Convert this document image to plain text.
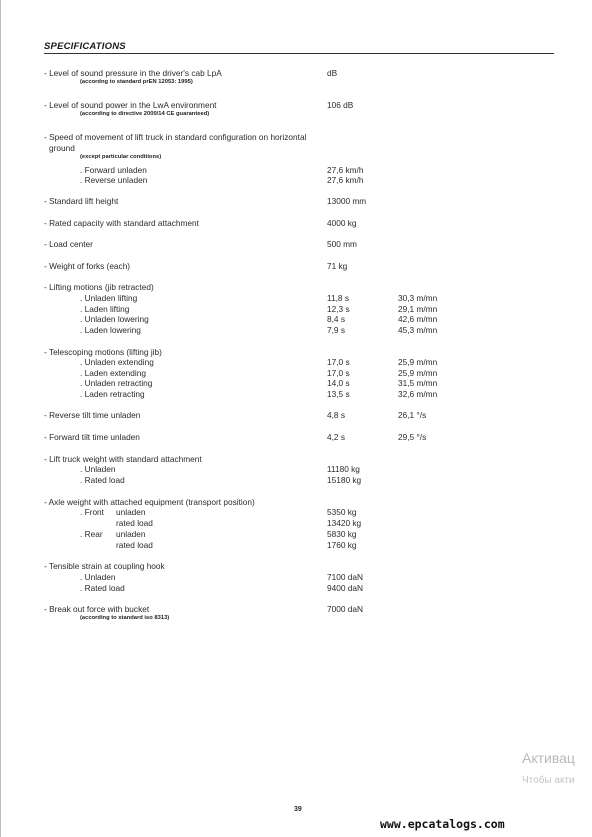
SPECIFICATIONS
- Level of sound pressure in the driver's cab LpA	dB
(accordng to standard prEN 12053: 1995)
- Level of sound power in the LwA environment	106 dB
(according to directive 2000/14 CE guaranteed)
- Speed of movement of lift truck in standard configuration on horizontal
ground
(except particular conditions)
. Forward unladen	27,6 km/h
. Reverse unladen	27,6 km/h
- Standard lift height	13000 mm
- Rated capacity with standard attachment	4000 kg
- Load center	500 mm
- Weight of forks (each)	71 kg
- Lifting motions (jib retracted)
. Unladen lifting	11,8 s	30,3 m/mn
. Laden lifting	12,3 s	29,1 m/mn
. Unladen lowering	8,4 s	42,6 m/mn
. Laden lowering	7,9 s	45,3 m/mn
- Telescoping motions (lifting jib)
. Unladen extending	17,0 s	25,9 m/mn
. Laden extending	17,0 s	25,9 m/mn
. Unladen retracting	14,0 s	31,5 m/mn
. Laden retracting	13,5 s	32,6 m/mn
- Reverse tilt time unladen	4,8 s	26,1 °/s
- Forward tilt time unladen	4,2 s	29,5 °/s
- Lift truck weight with standard attachment
. Unladen	11180 kg
. Rated load	15180 kg
- Axle weight with attached equipment (transport position)
. Front unladen	5350 kg
rated load	13420 kg
. Rear unladen	5830 kg
rated load	1760 kg
- Tensible strain at coupling hook
. Unladen	7100 daN
. Rated load	9400 daN
- Break out force with bucket	7000 daN
(according to standard iso 8313)
39
Активац
Чтобы акти
www.epcatalogs.com
